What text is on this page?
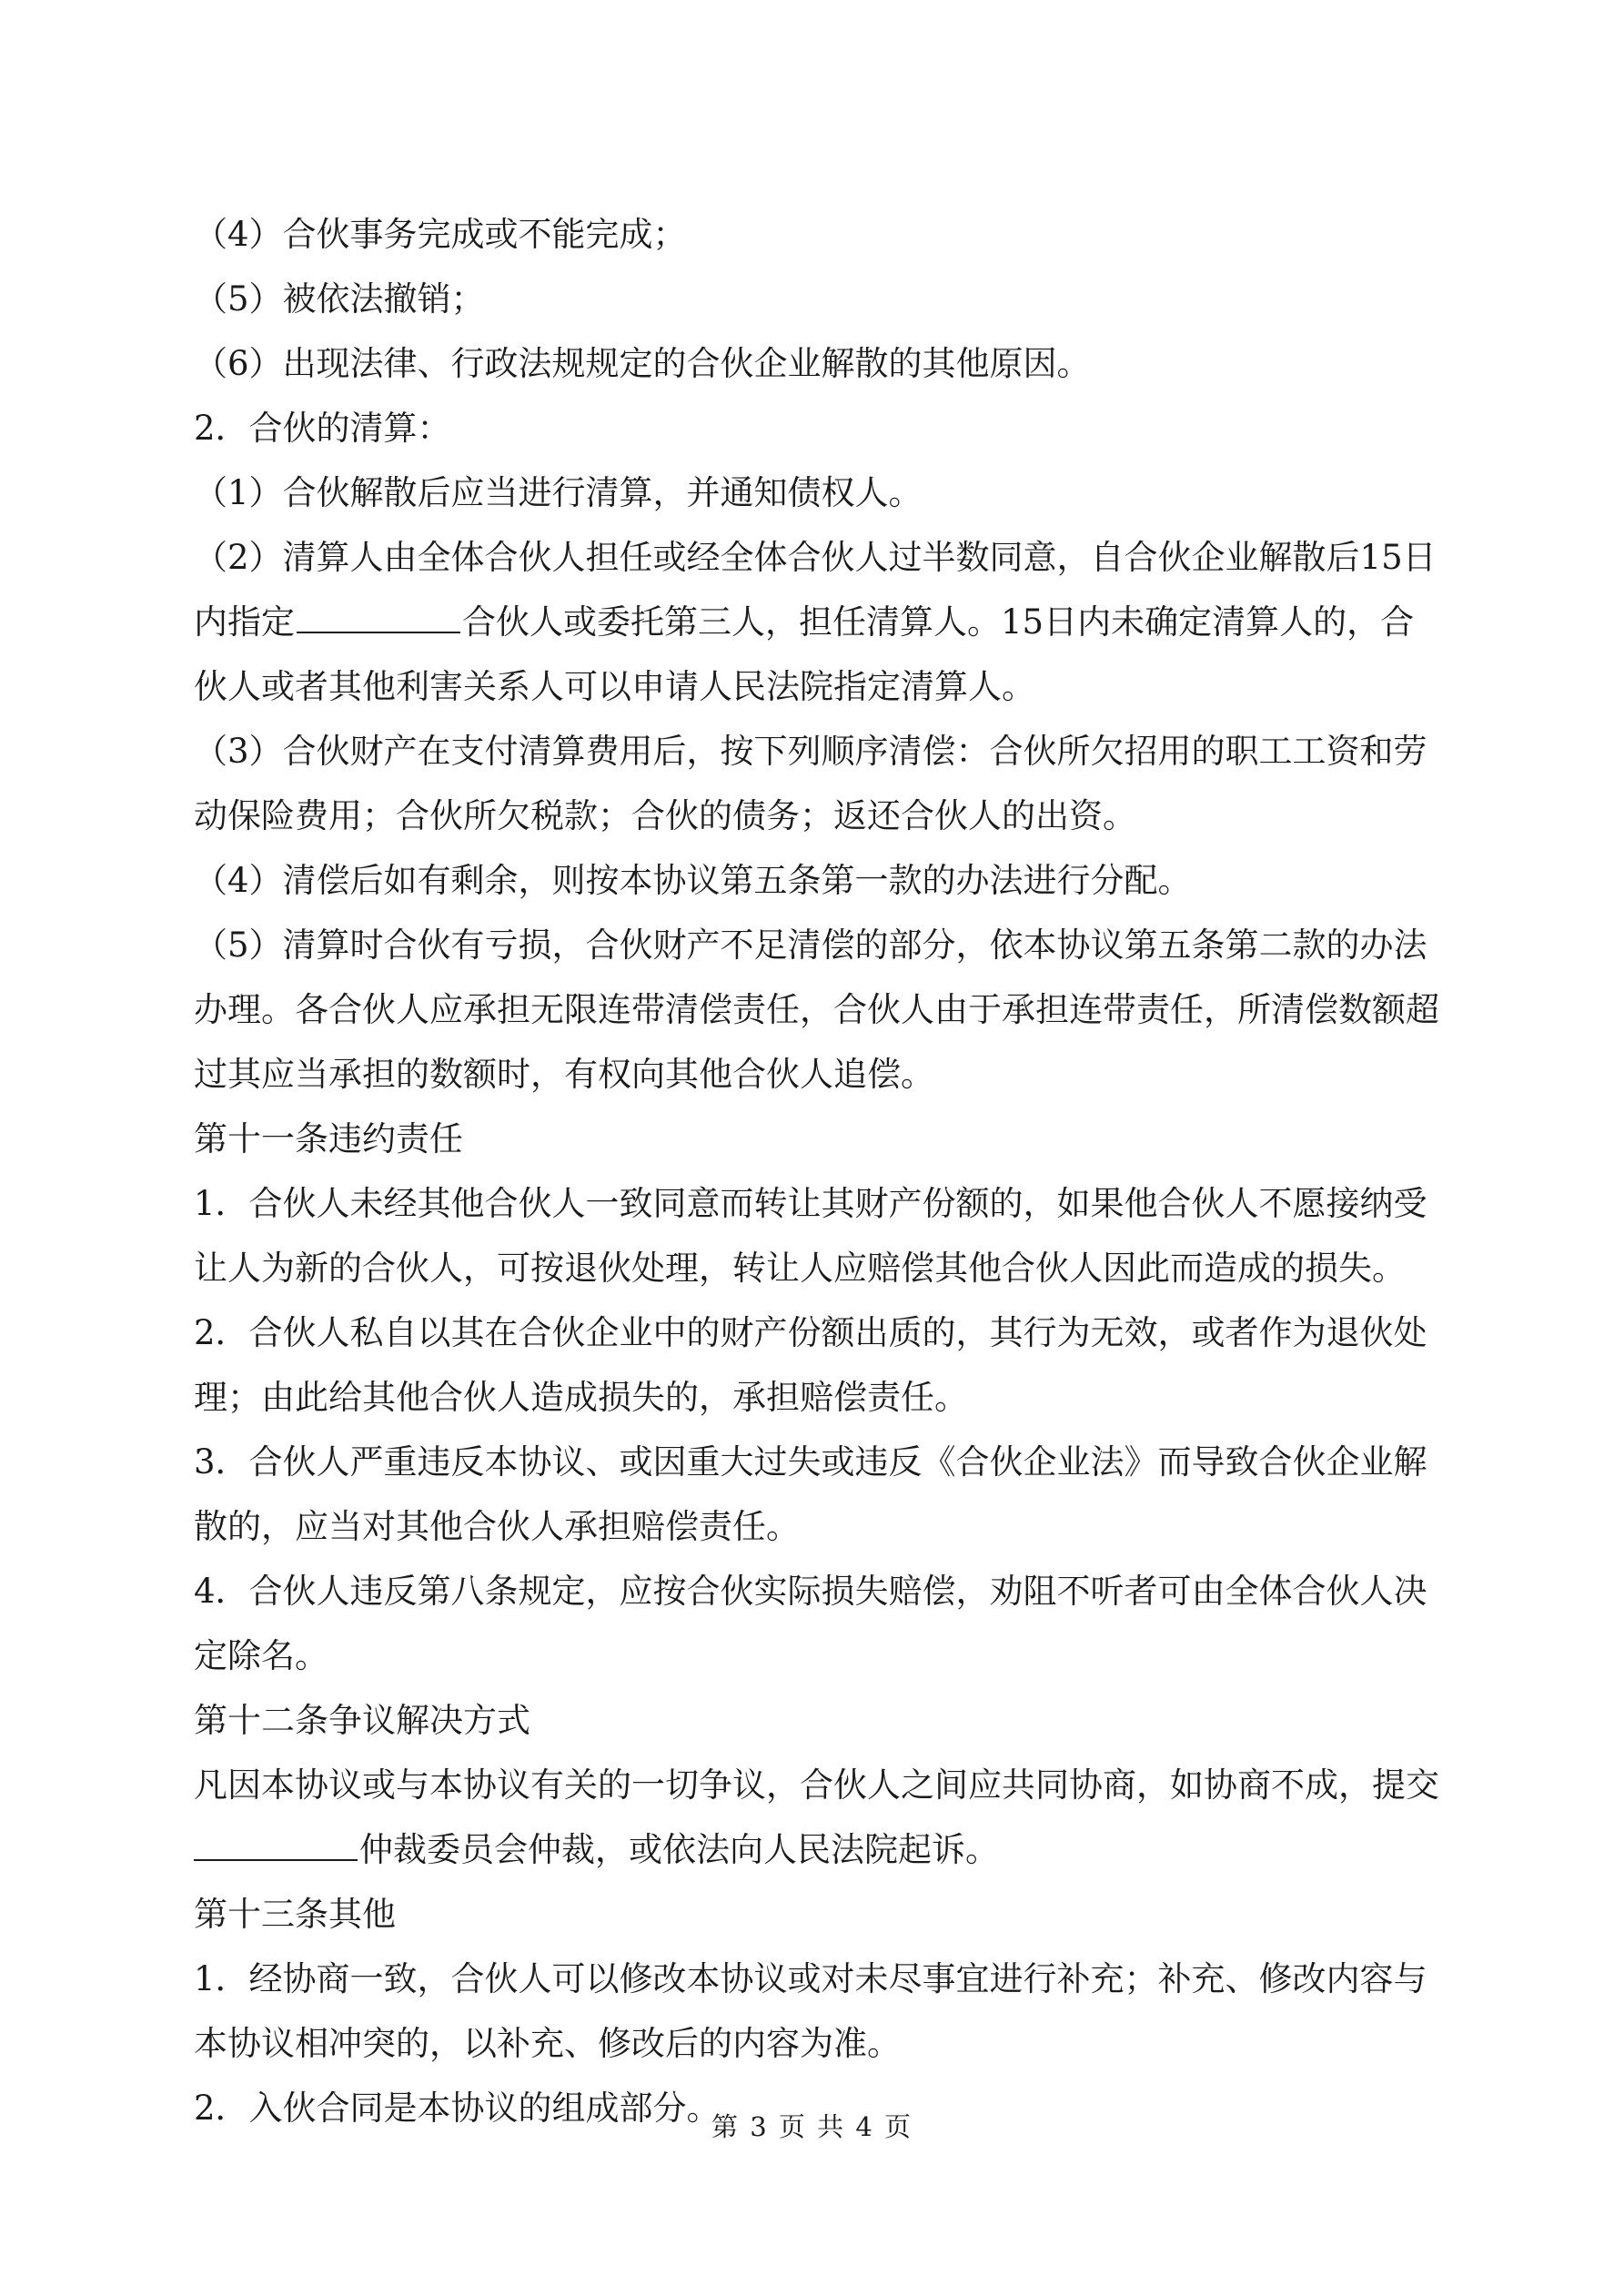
（4）合伙事务完成或不能完成；

（5）被依法撤销；

（6）出现法律、行政法规规定的合伙企业解散的其他原因。

2．合伙的清算：

（1）合伙解散后应当进行清算，并通知债权人。

（2）清算人由全体合伙人担任或经全体合伙人过半数同意，自合伙企业解散后15日内指定	合伙人或委托第三人，担任清算人。15日内未确定清算人的，合伙人或者其他利害关系人可以申请人民法院指定清算人。

（3）合伙财产在支付清算费用后，按下列顺序清偿：合伙所欠招用的职工工资和劳动保险费用；合伙所欠税款；合伙的债务；返还合伙人的出资。

（4）清偿后如有剩余，则按本协议第五条第一款的办法进行分配。

（5）清算时合伙有亏损，合伙财产不足清偿的部分，依本协议第五条第二款的办法办理。各合伙人应承担无限连带清偿责任，合伙人由于承担连带责任，所清偿数额超过其应当承担的数额时，有权向其他合伙人追偿。

第十一条违约责任

1．合伙人未经其他合伙人一致同意而转让其财产份额的，如果他合伙人不愿接纳受让人为新的合伙人，可按退伙处理，转让人应赔偿其他合伙人因此而造成的损失。

2．合伙人私自以其在合伙企业中的财产份额出质的，其行为无效，或者作为退伙处理；由此给其他合伙人造成损失的，承担赔偿责任。

3．合伙人严重违反本协议、或因重大过失或违反《合伙企业法》而导致合伙企业解散的，应当对其他合伙人承担赔偿责任。

4．合伙人违反第八条规定，应按合伙实际损失赔偿，劝阻不听者可由全体合伙人决定除名。

第十二条争议解决方式

凡因本协议或与本协议有关的一切争议，合伙人之间应共同协商，如协商不成，提交

仲裁委员会仲裁，或依法向人民法院起诉。

第十三条其他

1．经协商一致，合伙人可以修改本协议或对未尽事宜进行补充；补充、修改内容与本协议相冲突的，以补充、修改后的内容为准。

2．入伙合同是本协议的组成部分。

第 3 页 共 4 页
